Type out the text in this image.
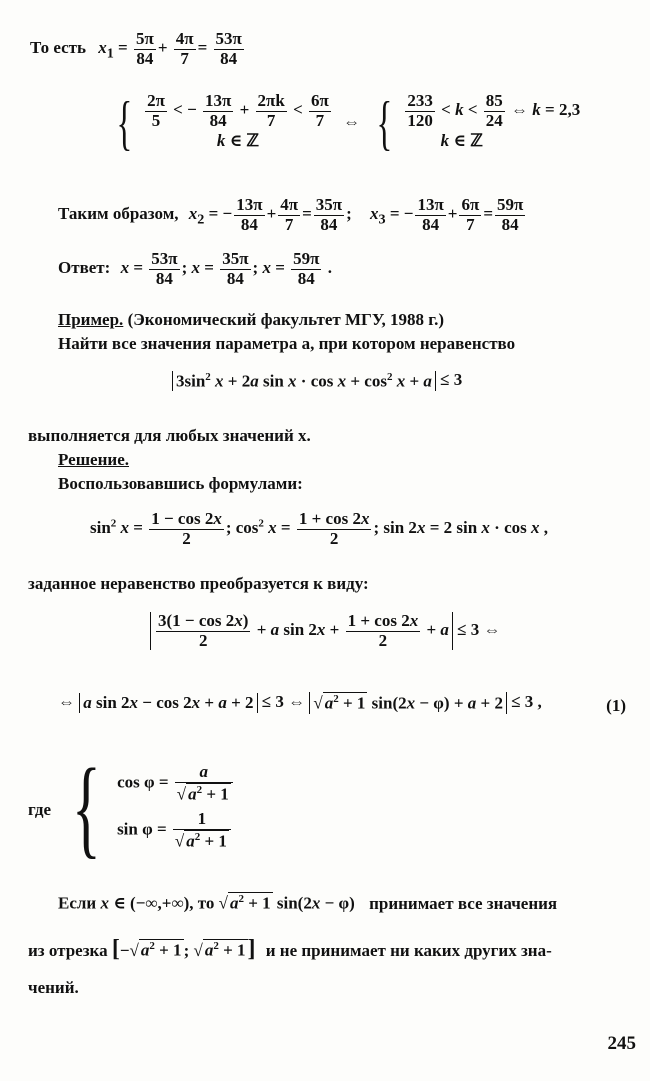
То есть $x_1 = \frac{5\pi}{84} + \frac{4\pi}{7} = \frac{53\pi}{84}$
{ $\frac{2\pi}{5}$ < − $\frac{13\pi}{84} + \frac{2\pi k}{7} < \frac{6\pi}{7}$
k ∈ ℤ
⇔ { $\frac{233}{120} < k < \frac{85}{24}$ ⇔ k = 2,3
k ∈ ℤ
Таким образом, $x_2$ = − $\frac{13\pi}{84} + \frac{4\pi}{7} = \frac{35\pi}{84}$ ; $x_3$ = − $\frac{13\pi}{84} + \frac{6\pi}{7} = \frac{59\pi}{84}$
Ответ: $x = \frac{53\pi}{84}$ ; $x = \frac{35\pi}{84}$ ; $x = \frac{59\pi}{84}$ .
Пример. (Экономический факультет МГУ, 1988 г.)
Найти все значения параметра a, при котором неравенство
$3\sin^2$ x + 2a $\sin x \cdot \cos x + \cos^2 x + a \le 3$
выполняется для любых значений x.
Решение.
Воспользовавшись формулами:
$\sin^2 x = \frac{1 - \cos 2x}{2}$ ; $\cos^2 x = \frac{1 + \cos 2x}{2}$ ; sin 2x = 2 sin x · cos x ,
заданное неравенство преобразуется к виду:
$\frac{3(1 - \cos 2x)}{2} + a$ $\sin 2x + \frac{1 + \cos 2x}{2} + a \le 3$ ⇔
⇔ a sin 2x − cos 2x + a + 2 ≤ 3 ⇔ √ $a^2 + 1$ sin(2x − φ) + a + 2 ≤ 3 ,	(1)
где { $\cos \varphi = \frac{a}{√ a^2 + 1}$
$\sin \varphi = \frac{1}{√ a^2 + 1}$
Если x ∈ (−∞,+∞), то √ $a^2 + 1$ sin(2x − φ) принимает все значения
из отрезка [−√ $a^2 + 1$ ; √ $a^2 + 1$] и не принимает ни каких других зна-
чений.
245
